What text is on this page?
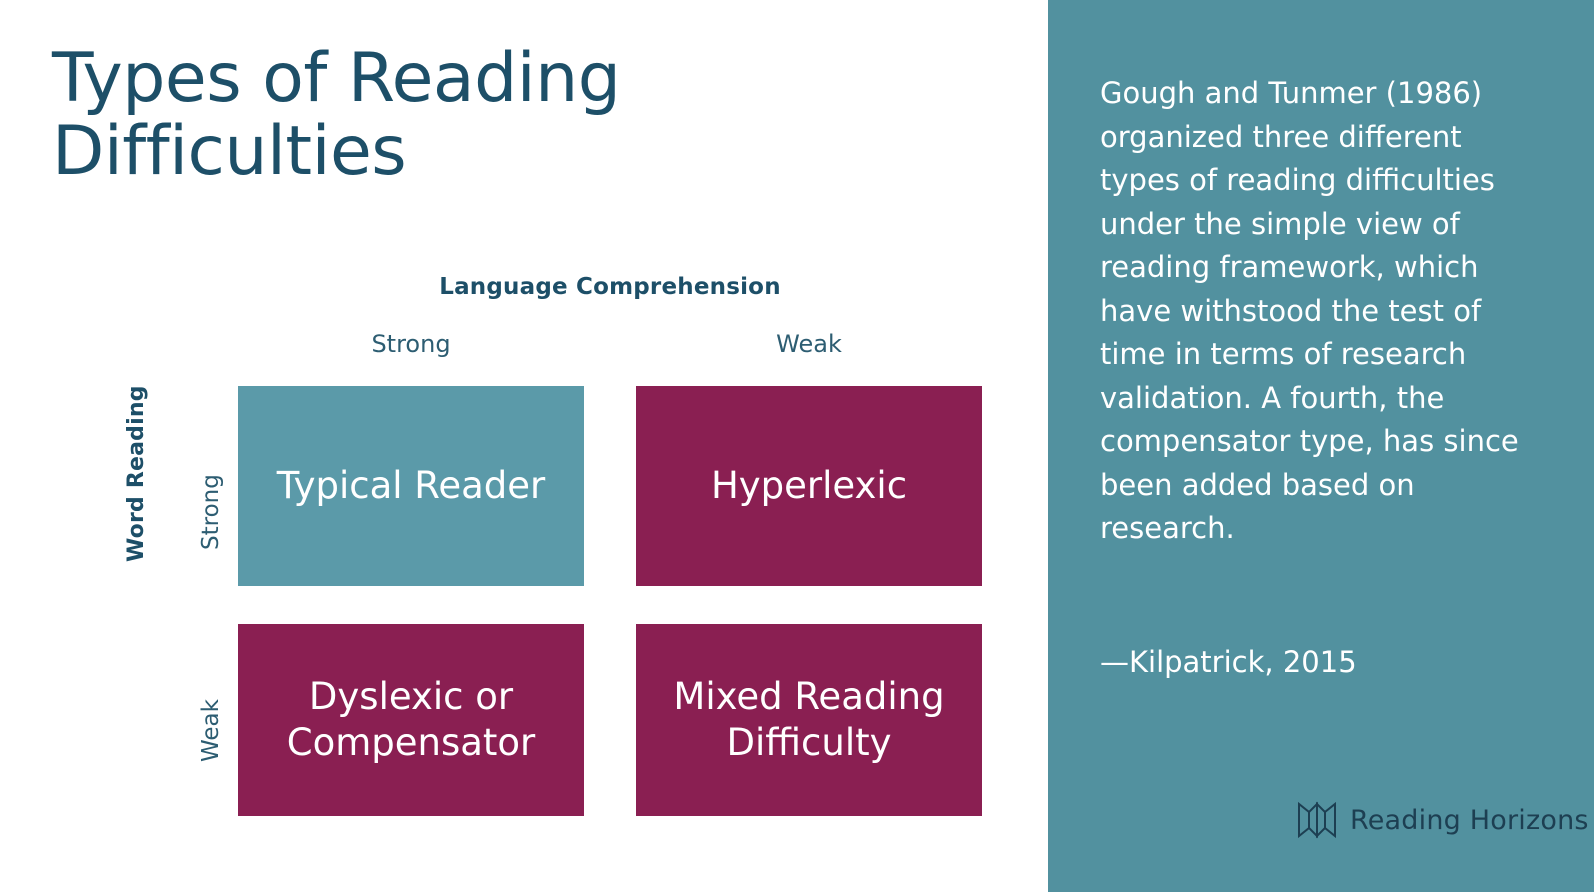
Types of Reading Difficulties
Language Comprehension
Strong	Weak
Word Reading Strong
Weak
Typical Reader	Hyperlexic
Dyslexic or Compensator
Mixed Reading Difficulty
Gough and Tunmer (1986) organized three different types of reading difficulties under the simple view of reading framework, which have withstood the test of time in terms of research validation. A fourth, the compensator type, has since been added based on research.
—Kilpatrick, 2015
Reading Horizons
